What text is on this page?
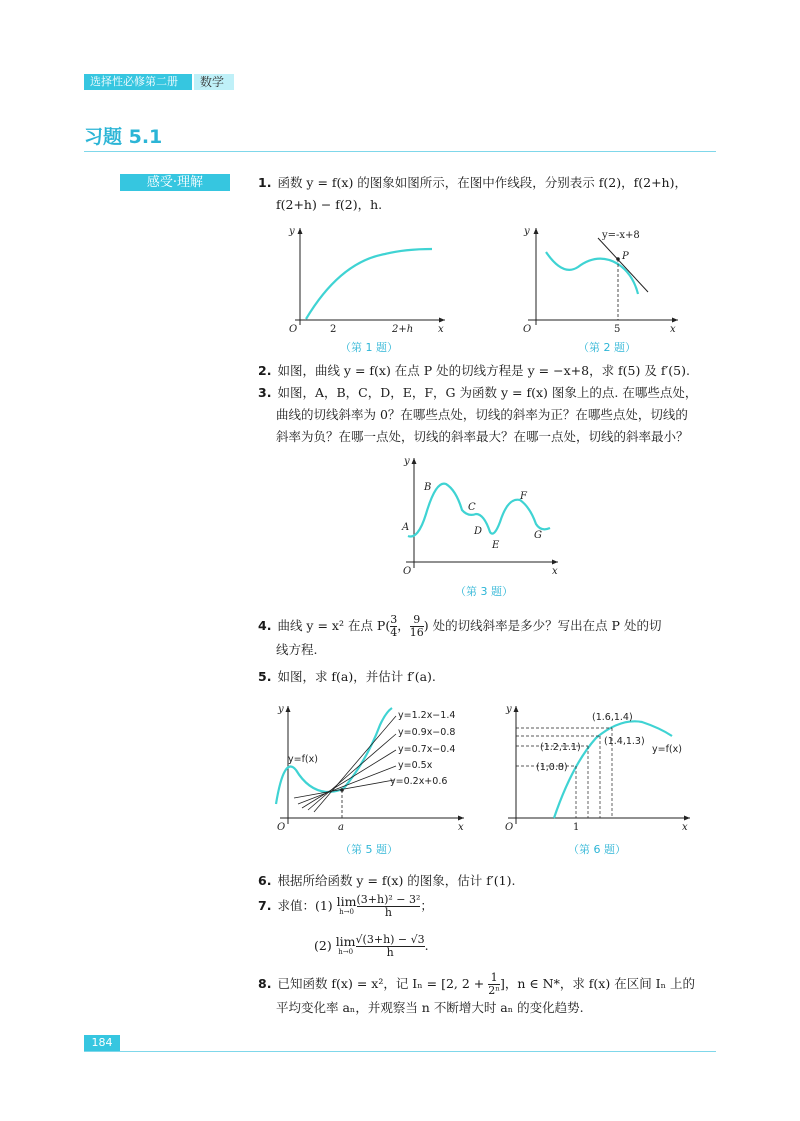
选择性必修第二册	数学
习题 5.1
感受·理解	1. 函数 y = f(x) 的图象如图所示，在图中作线段，分别表示 f(2)，f(2+h)，
f(2+h) − f(2)，h.
y
x
O	2	2+h
（第 1 题）
y
x
O	5
y=-x+8
P
（第 2 题）
2. 如图，曲线 y = f(x) 在点 P 处的切线方程是 y = −x+8，求 f(5) 及 f′(5).
3. 如图，A，B，C，D，E，F，G 为函数 y = f(x) 图象上的点. 在哪些点处，
曲线的切线斜率为 0？在哪些点处，切线的斜率为正？在哪些点处，切线的
斜率为负？在哪一点处，切线的斜率最大？在哪一点处，切线的斜率最小？
y
x
O
A
B
C
D
E
F
G
（第 3 题）
4. 曲线 y = x² 在点 $P( \frac{3}{4}$ ， $\frac{9}{16}$ ) 处的切线斜率是多少？写出在点 P 处的切
线方程.
5. 如图，求 f(a)，并估计 f′(a).
y
x
O	a
y=f(x)
y=1.2x−1.4
y=0.9x−0.8
y=0.7x−0.4
y=0.5x
y=0.2x+0.6
（第 5 题）
y
x
O	1
y=f(x)
(1.6,1.4)
(1.4,1.3)
(1.2,1.1)
(1,0.8)
（第 6 题）
6. 根据所给函数 y = f(x) 的图象，估计 f′(1).
7. 求值：(1) lim
$h\to 0 \frac{\text{(3+h)² − 3²}}{h}$ ；
(2) lim
$h\to 0 \frac{√(3+h) - √3}{h}$ .
8. 已知函数 f(x) = x²，记 Iₙ = [2, $2 + \frac{1}{\text{2ⁿ}}$ ]，n ∈ N*，求 f(x) 在区间 Iₙ 上的
平均变化率 aₙ，并观察当 n 不断增大时 aₙ 的变化趋势.
184
